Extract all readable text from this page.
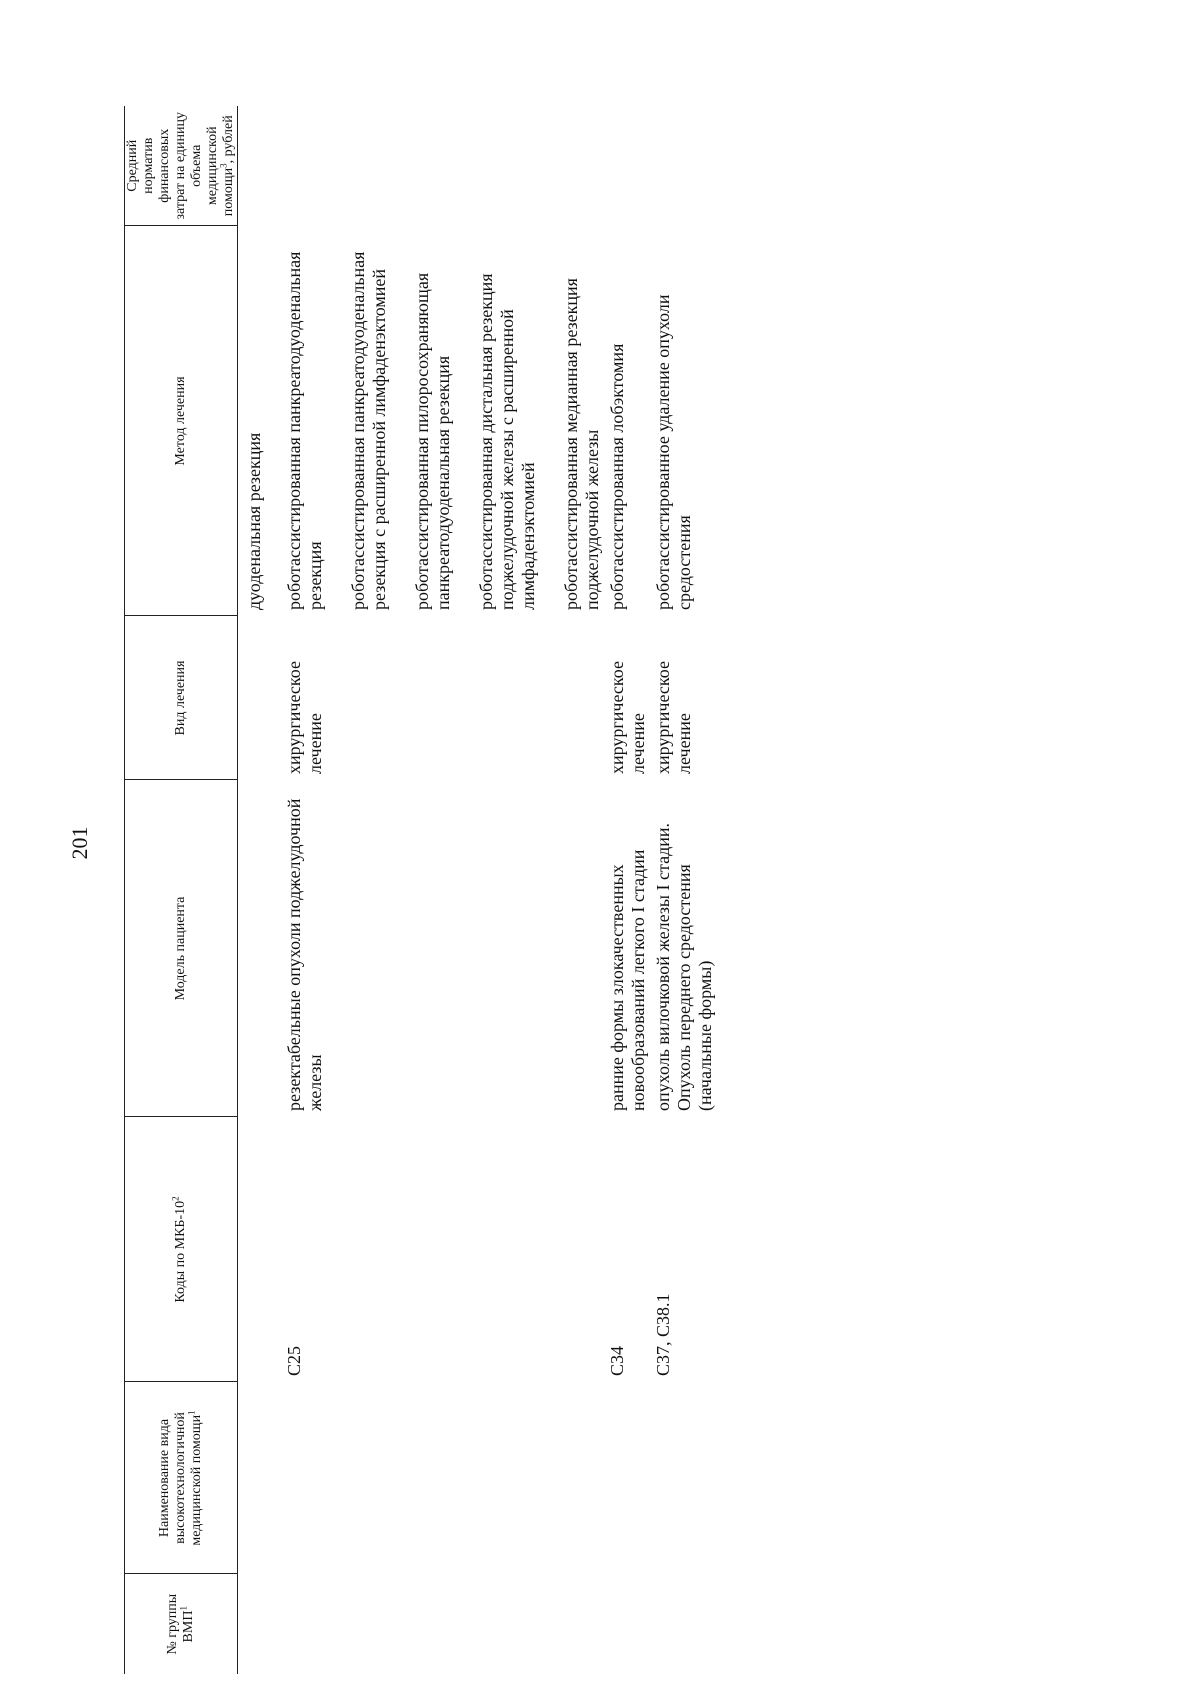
201
№ группы ВМП$^1$	Наименование вида высокотехнологичной медицинской помощи$^1$	Коды по МКБ-$10^2$	Модель пациента	Вид лечения	Метод лечения	Средний норматив финансовых затрат на единицу объема медицинской помощи$^3$, рублей
					дуоденальная резекция	
		C25	резектабельные опухоли поджелудочной железы	хирургическое лечение	роботассистированная панкреатодуоденальная резекция роботассистированная панкреатодуоденальная резекция с расширенной лимфаденэктомией роботассистированная пилоросохраняющая панкреатодуоденальная резекция роботассистированная дистальная резекция поджелудочной железы с расширенной лимфаденэктомией роботассистированная медианная резекция поджелудочной железы	

		C34	ранние формы злокачественных новообразований легкого I стадии	хирургическое лечение	роботассистированная лобэктомия	

		C37, C38.1	опухоль вилочковой железы I стадии. Опухоль переднего средостения (начальные формы)	хирургическое лечение	роботассистированное удаление опухоли средостения	
